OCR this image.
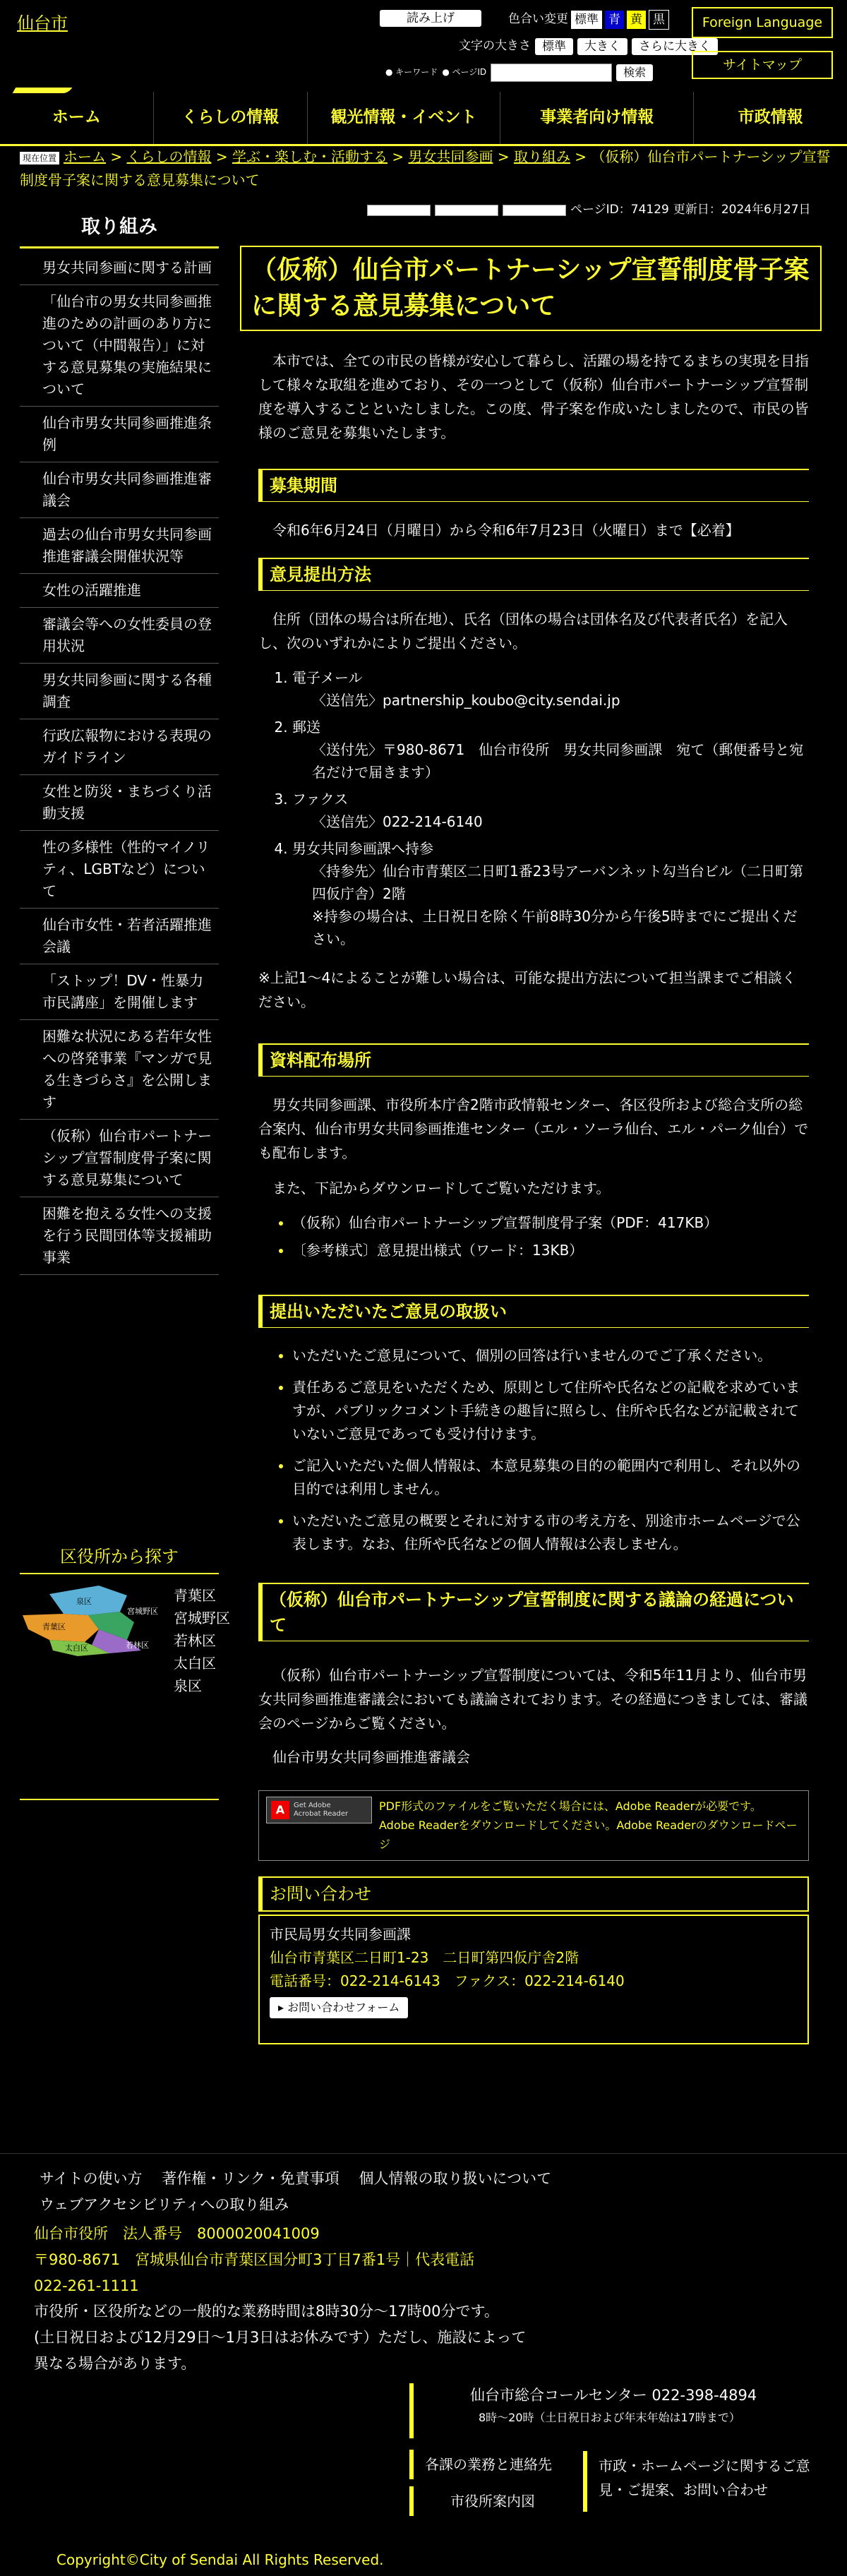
仙台市	読み上げ	色合い変更 標準 青 黄 黒
文字の大きさ 標準	大きく	さらに大きく
● キーワード ● ページID	検索
Foreign Language
サイトマップ
ホーム	くらしの情報	観光情報・イベント	事業者向け情報	市政情報
現在位置 ホーム > くらしの情報 > 学ぶ・楽しむ・活動する > 男女共同参画 > 取り組み > （仮称）仙台市パートナーシップ宣誓制度骨子案に関する意見募集について
取り組み
男女共同参画に関する計画
「仙台市の男女共同参画推進のための計画のあり方について（中間報告）」に対する意見募集の実施結果について
仙台市男女共同参画推進条例
仙台市男女共同参画推進審議会
過去の仙台市男女共同参画推進審議会開催状況等
女性の活躍推進
審議会等への女性委員の登用状況
男女共同参画に関する各種調査
行政広報物における表現のガイドライン
女性と防災・まちづくり活動支援
性の多様性（性的マイノリティ、LGBTなど）について
仙台市女性・若者活躍推進会議
「ストップ！DV・性暴力市民講座」を開催します
困難な状況にある若年女性への啓発事業『マンガで見る生きづらさ』を公開します
（仮称）仙台市パートナーシップ宣誓制度骨子案に関する意見募集について
困難を抱える女性への支援を行う民間団体等支援補助事業
区役所から探す
泉区
青葉区
宮城野区
若林区
太白区
青葉区
宮城野区
若林区
太白区
泉区
ページID：74129 更新日：2024年6月27日
（仮称）仙台市パートナーシップ宣誓制度骨子案に関する意見募集について

本市では、全ての市民の皆様が安心して暮らし、活躍の場を持てるまちの実現を目指して様々な取組を進めており、その一つとして（仮称）仙台市パートナーシップ宣誓制度を導入することといたしました。この度、骨子案を作成いたしましたので、市民の皆様のご意見を募集いたします。

募集期間

令和6年6月24日（月曜日）から令和6年7月23日（火曜日）まで【必着】

意見提出方法

住所（団体の場合は所在地）、氏名（団体の場合は団体名及び代表者氏名）を記入し、次のいずれかによりご提出ください。

1. 電子メール
〈送信先〉partnership_koubo@city.sendai.jp
2. 郵送
〈送付先〉〒980-8671　仙台市役所　男女共同参画課　宛て（郵便番号と宛名だけで届きます）
3. ファクス
〈送信先〉022-214-6140
4. 男女共同参画課へ持参
〈持参先〉仙台市青葉区二日町1番23号アーバンネット勾当台ビル（二日町第四仮庁舎）2階
※持参の場合は、土日祝日を除く午前8時30分から午後5時までにご提出ください。

※上記1～4によることが難しい場合は、可能な提出方法について担当課までご相談ください。

資料配布場所

男女共同参画課、市役所本庁舎2階市政情報センター、各区役所および総合支所の総合案内、仙台市男女共同参画推進センター（エル・ソーラ仙台、エル・パーク仙台）でも配布します。

また、下記からダウンロードしてご覧いただけます。

• （仮称）仙台市パートナーシップ宣誓制度骨子案（PDF：417KB）
• 〔参考様式〕意見提出様式（ワード：13KB）
提出いただいたご意見の取扱い
• いただいたご意見について、個別の回答は行いませんのでご了承ください。
• 責任あるご意見をいただくため、原則として住所や氏名などの記載を求めていますが、パブリックコメント手続きの趣旨に照らし、住所や氏名などが記載されていないご意見であっても受け付けます。
• ご記入いただいた個人情報は、本意見募集の目的の範囲内で利用し、それ以外の目的では利用しません。
• いただいたご意見の概要とそれに対する市の考え方を、別途市ホームページで公表します。なお、住所や氏名などの個人情報は公表しません。
（仮称）仙台市パートナーシップ宣誓制度に関する議論の経過について

（仮称）仙台市パートナーシップ宣誓制度については、令和5年11月より、仙台市男女共同参画推進審議会においても議論されております。その経過につきましては、審議会のページからご覧ください。

仙台市男女共同参画推進審議会

A	Get Adobe
Acrobat Reader
PDF形式のファイルをご覧いただく場合には、Adobe Readerが必要です。
Adobe Readerをダウンロードしてください。Adobe Readerのダウンロードページ
お問い合わせ
市民局男女共同参画課
仙台市青葉区二日町1-23　二日町第四仮庁舎2階
電話番号：022-214-6143　ファクス：022-214-6140
▸ お問い合わせフォーム
サイトの使い方　 著作権・リンク・免責事項　 個人情報の取り扱いについて
ウェブアクセシビリティへの取り組み
仙台市役所　法人番号　8000020041009
〒980-8671　宮城県仙台市青葉区国分町3丁目7番1号｜代表電話
022-261-1111
市役所・区役所などの一般的な業務時間は8時30分～17時00分です。
(土日祝日および12月29日～1月3日はお休みです）ただし、施設によって異なる場合があります。
仙台市総合コールセンター 022-398-4894
8時～20時（土日祝日および年末年始は17時まで）
各課の業務と連絡先
市役所案内図
市政・ホームページに関するご意見・ご提案、お問い合わせ
Copyright©City of Sendai All Rights Reserved.
